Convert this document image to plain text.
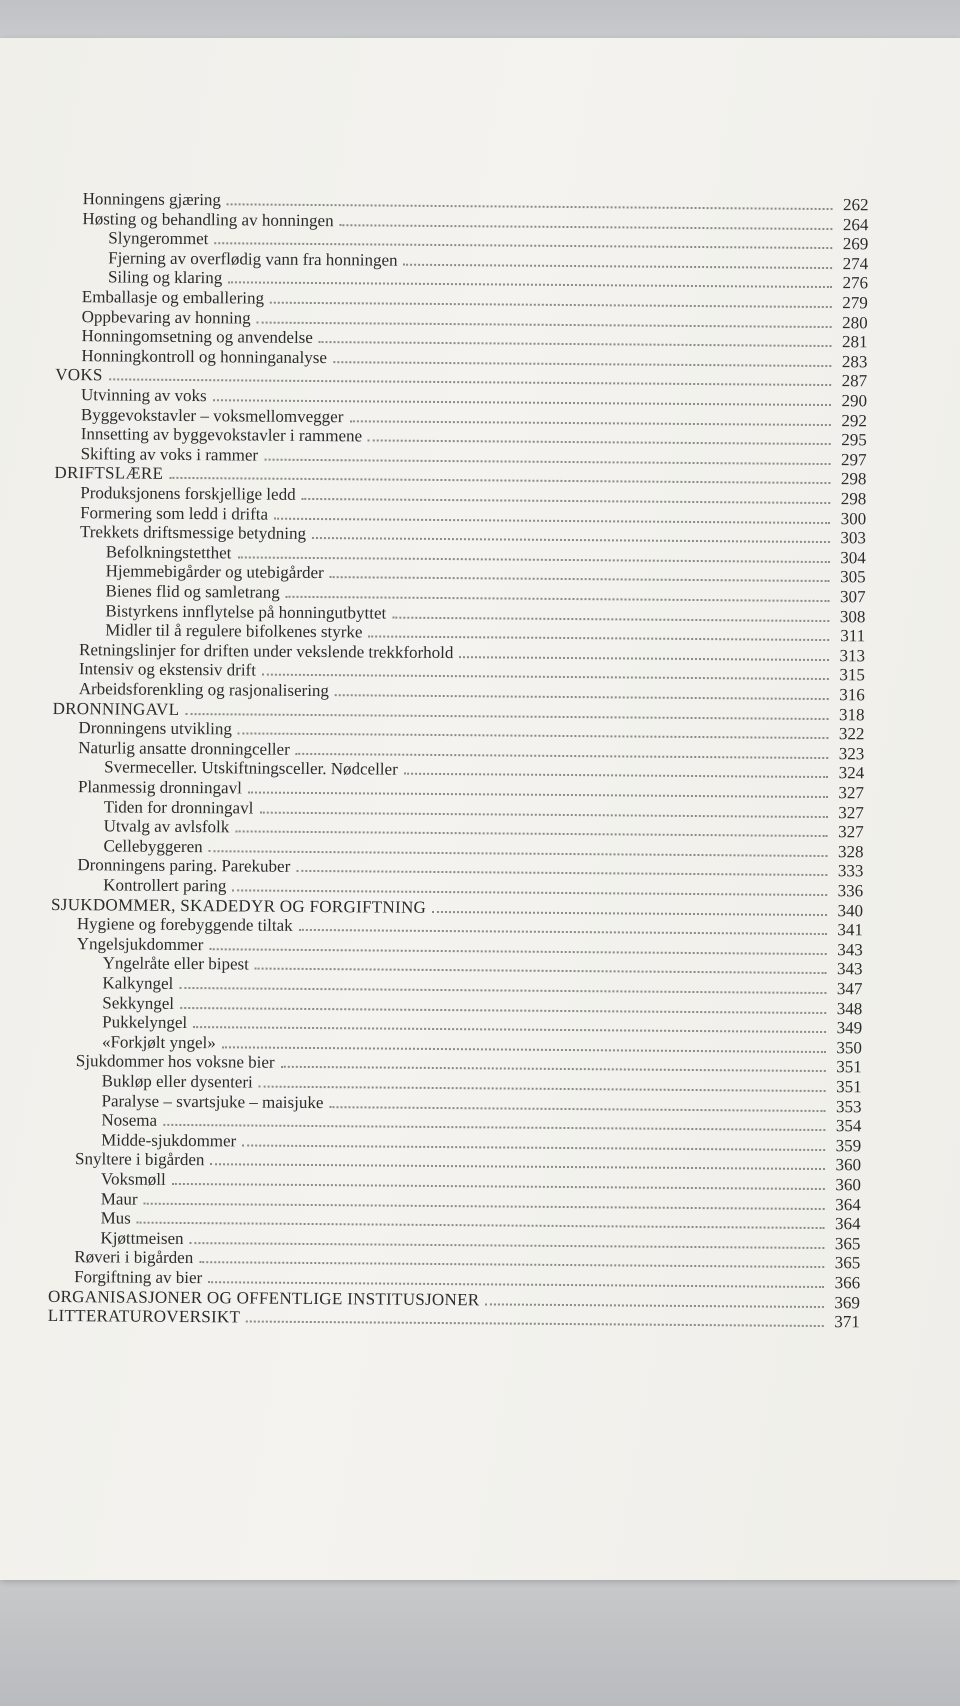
Honningens gjæring	262
Høsting og behandling av honningen	264
Slyngerommet	269
Fjerning av overflødig vann fra honningen	274
Siling og klaring	276
Emballasje og emballering	279
Oppbevaring av honning	280
Honningomsetning og anvendelse	281
Honningkontroll og honninganalyse	283
VOKS	287
Utvinning av voks	290
Byggevokstavler – voksmellomvegger	292
Innsetting av byggevokstavler i rammene	295
Skifting av voks i rammer	297
DRIFTSLÆRE	298
Produksjonens forskjellige ledd	298
Formering som ledd i drifta	300
Trekkets driftsmessige betydning	303
Befolkningstetthet	304
Hjemmebigårder og utebigårder	305
Bienes flid og samletrang	307
Bistyrkens innflytelse på honningutbyttet	308
Midler til å regulere bifolkenes styrke	311
Retningslinjer for driften under vekslende trekkforhold	313
Intensiv og ekstensiv drift	315
Arbeidsforenkling og rasjonalisering	316
DRONNINGAVL	318
Dronningens utvikling	322
Naturlig ansatte dronningceller	323
Svermeceller. Utskiftningsceller. Nødceller	324
Planmessig dronningavl	327
Tiden for dronningavl	327
Utvalg av avlsfolk	327
Cellebyggeren	328
Dronningens paring. Parekuber	333
Kontrollert paring	336
SJUKDOMMER, SKADEDYR OG FORGIFTNING	340
Hygiene og forebyggende tiltak	341
Yngelsjukdommer	343
Yngelråte eller bipest	343
Kalkyngel	347
Sekkyngel	348
Pukkelyngel	349
«Forkjølt yngel»	350
Sjukdommer hos voksne bier	351
Bukløp eller dysenteri	351
Paralyse – svartsjuke – maisjuke	353
Nosema	354
Midde-sjukdommer	359
Snyltere i bigården	360
Voksmøll	360
Maur	364
Mus	364
Kjøttmeisen	365
Røveri i bigården	365
Forgiftning av bier	366
ORGANISASJONER OG OFFENTLIGE INSTITUSJONER	369
LITTERATUROVERSIKT	371
